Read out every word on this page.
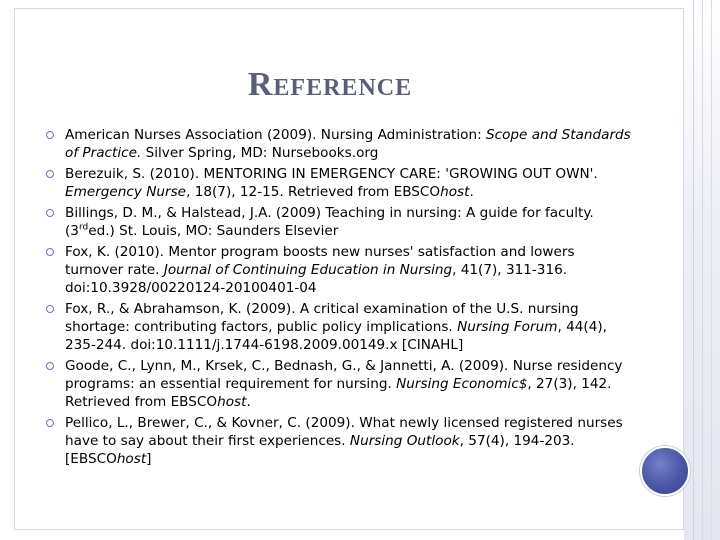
Reference
American Nurses Association (2009). Nursing Administration: Scope and Standards of Practice. Silver Spring, MD: Nursebooks.org
Berezuik, S. (2010). MENTORING IN EMERGENCY CARE: 'GROWING OUT OWN'. Emergency Nurse, 18(7), 12-15. Retrieved from EBSCOhost.
Billings, D. M., & Halstead, J.A. (2009) Teaching in nursing: A guide for faculty. (3rded.) St. Louis, MO: Saunders Elsevier
Fox, K. (2010). Mentor program boosts new nurses' satisfaction and lowers turnover rate. Journal of Continuing Education in Nursing, 41(7), 311-316. doi:10.3928/00220124-20100401-04
Fox, R., & Abrahamson, K. (2009). A critical examination of the U.S. nursing shortage: contributing factors, public policy implications. Nursing Forum, 44(4), 235-244. doi:10.1111/j.1744-6198.2009.00149.x [CINAHL]
Goode, C., Lynn, M., Krsek, C., Bednash, G., & Jannetti, A. (2009). Nurse residency programs: an essential requirement for nursing. Nursing Economic$, 27(3), 142. Retrieved from EBSCOhost.
Pellico, L., Brewer, C., & Kovner, C. (2009). What newly licensed registered nurses have to say about their first experiences. Nursing Outlook, 57(4), 194-203. [EBSCOhost]
